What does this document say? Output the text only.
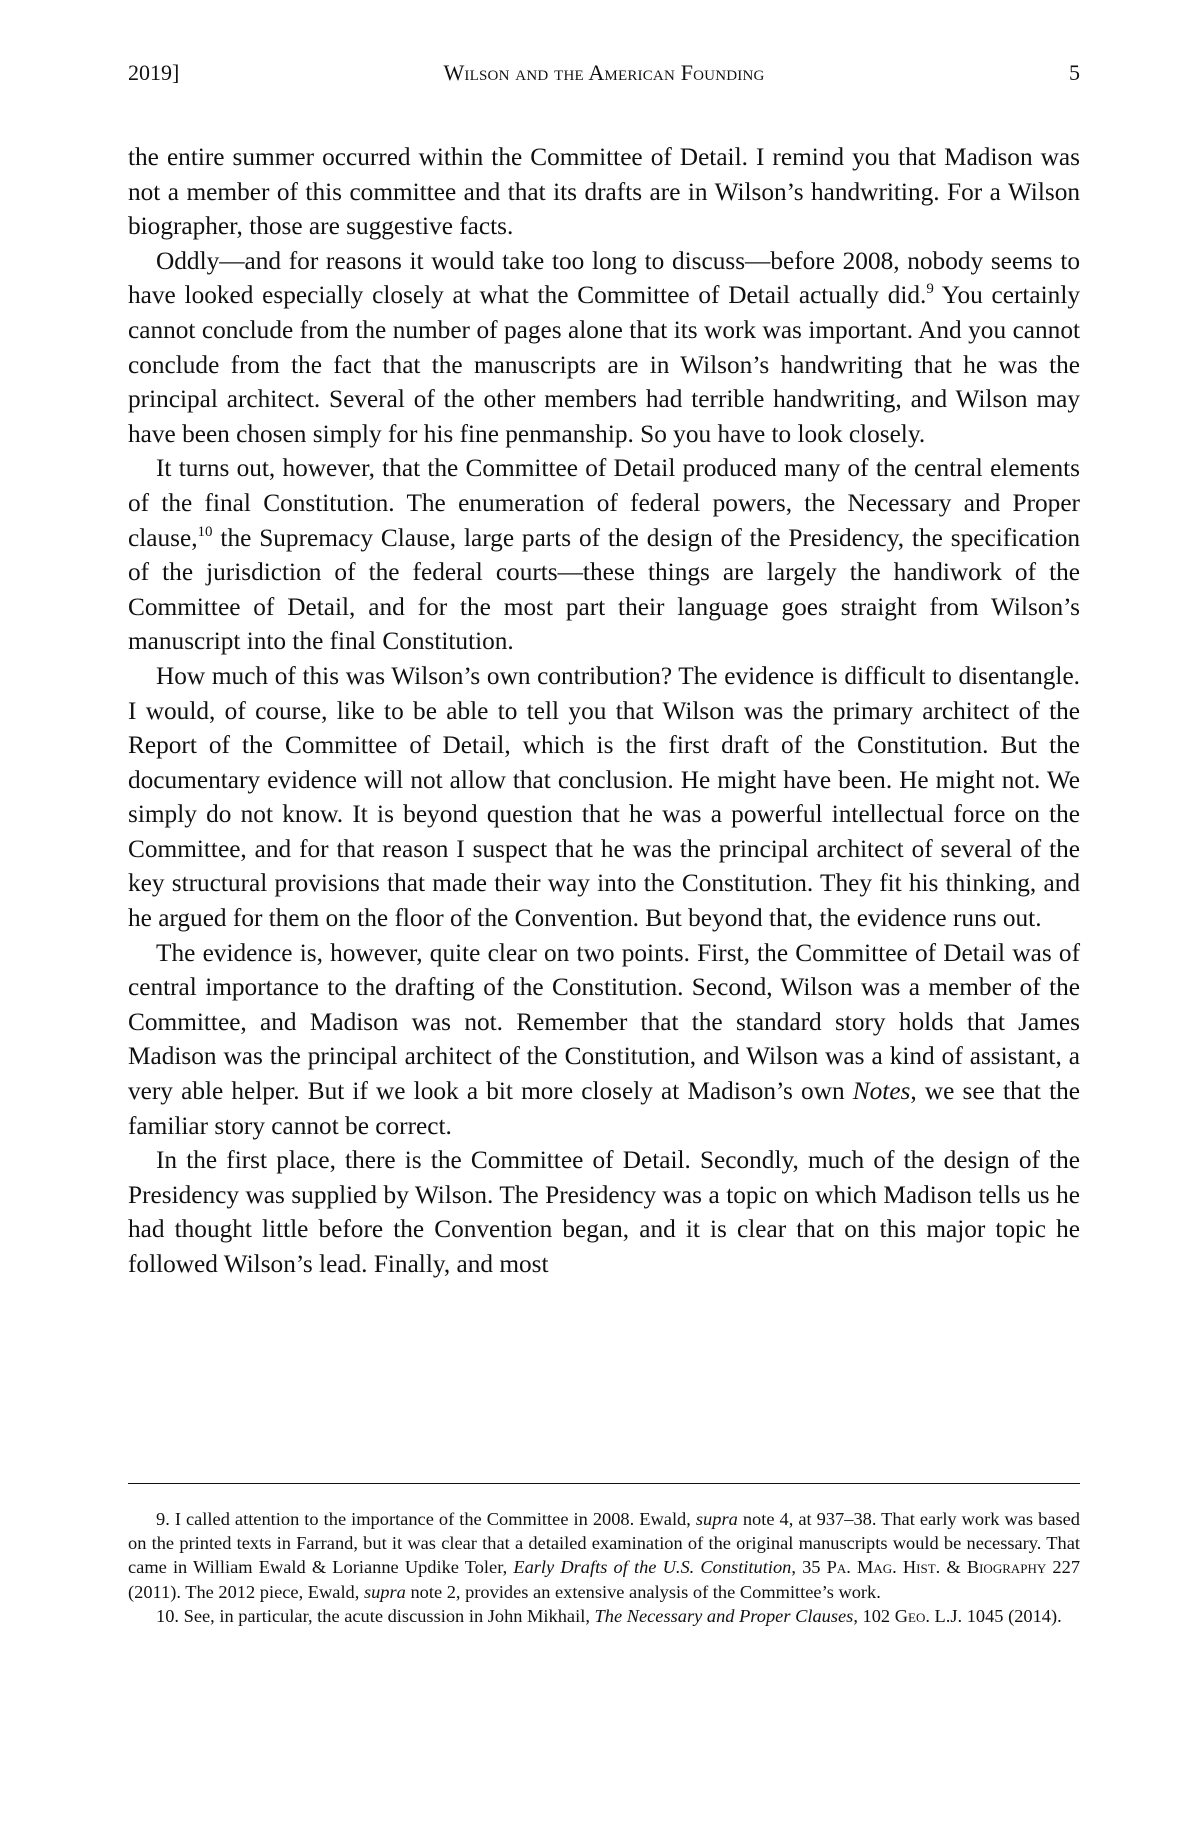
2019]	Wilson and the American Founding	5

the entire summer occurred within the Committee of Detail. I remind you that Madison was not a member of this committee and that its drafts are in Wilson’s handwriting. For a Wilson biographer, those are suggestive facts.

Oddly—and for reasons it would take too long to discuss—before 2008, nobody seems to have looked especially closely at what the Committee of Detail actually did.$^9$ You certainly cannot conclude from the number of pages alone that its work was important. And you cannot conclude from the fact that the manuscripts are in Wilson’s handwriting that he was the principal architect. Several of the other members had terrible handwriting, and Wilson may have been chosen simply for his fine penmanship. So you have to look closely.

It turns out, however, that the Committee of Detail produced many of the central elements of the final Constitution. The enumeration of federal powers, the Necessary and Proper clause,$^{10}$ the Supremacy Clause, large parts of the design of the Presidency, the specification of the jurisdiction of the federal courts—these things are largely the handiwork of the Committee of Detail, and for the most part their language goes straight from Wilson’s manuscript into the final Constitution.

How much of this was Wilson’s own contribution? The evidence is difficult to disentangle. I would, of course, like to be able to tell you that Wilson was the primary architect of the Report of the Committee of Detail, which is the first draft of the Constitution. But the documentary evidence will not allow that conclusion. He might have been. He might not. We simply do not know. It is beyond question that he was a powerful intellectual force on the Committee, and for that reason I suspect that he was the principal architect of several of the key structural provisions that made their way into the Constitution. They fit his thinking, and he argued for them on the floor of the Convention. But beyond that, the evidence runs out.

The evidence is, however, quite clear on two points. First, the Committee of Detail was of central importance to the drafting of the Constitution. Second, Wilson was a member of the Committee, and Madison was not. Remember that the standard story holds that James Madison was the principal architect of the Constitution, and Wilson was a kind of assistant, a very able helper. But if we look a bit more closely at Madison’s own Notes, we see that the familiar story cannot be correct.

In the first place, there is the Committee of Detail. Secondly, much of the design of the Presidency was supplied by Wilson. The Presidency was a topic on which Madison tells us he had thought little before the Convention began, and it is clear that on this major topic he followed Wilson’s lead. Finally, and most

9. I called attention to the importance of the Committee in 2008. Ewald, supra note 4, at 937–38. That early work was based on the printed texts in Farrand, but it was clear that a detailed examination of the original manuscripts would be necessary. That came in William Ewald & Lorianne Updike Toler, Early Drafts of the U.S. Constitution, 35 Pa. Mag. Hist. & Biography 227 (2011). The 2012 piece, Ewald, supra note 2, provides an extensive analysis of the Committee’s work.

10. See, in particular, the acute discussion in John Mikhail, The Necessary and Proper Clauses, 102 Geo. L.J. 1045 (2014).
